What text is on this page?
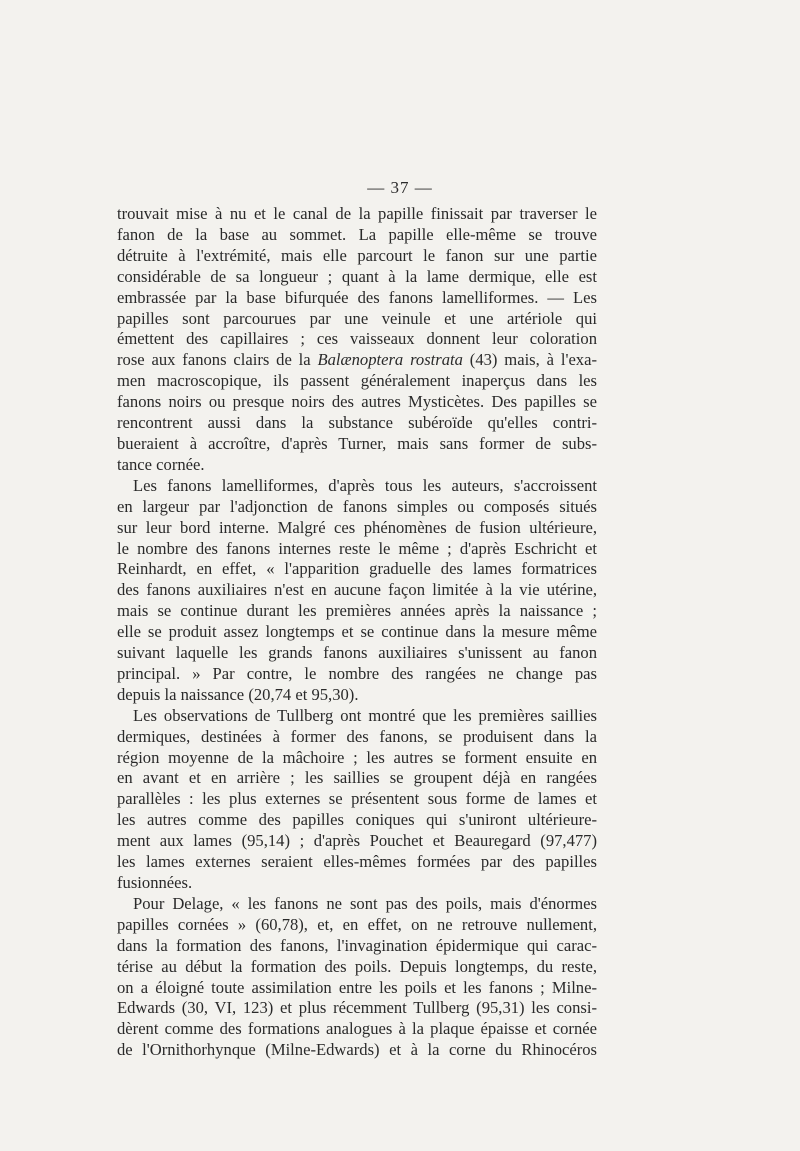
— 37 —
trouvait mise à nu et le canal de la papille finissait par traverser le
fanon de la base au sommet. La papille elle-même se trouve
détruite à l'extrémité, mais elle parcourt le fanon sur une partie
considérable de sa longueur ; quant à la lame dermique, elle est
embrassée par la base bifurquée des fanons lamelliformes. — Les
papilles sont parcourues par une veinule et une artériole qui
émettent des capillaires ; ces vaisseaux donnent leur coloration
rose aux fanons clairs de la Balænoptera rostrata (43) mais, à l'exa-
men macroscopique, ils passent généralement inaperçus dans les
fanons noirs ou presque noirs des autres Mysticètes. Des papilles se
rencontrent aussi dans la substance subéroïde qu'elles contri-
bueraient à accroître, d'après Turner, mais sans former de subs-
tance cornée.
Les fanons lamelliformes, d'après tous les auteurs, s'accroissent
en largeur par l'adjonction de fanons simples ou composés situés
sur leur bord interne. Malgré ces phénomènes de fusion ultérieure,
le nombre des fanons internes reste le même ; d'après Eschricht et
Reinhardt, en effet, « l'apparition graduelle des lames formatrices
des fanons auxiliaires n'est en aucune façon limitée à la vie utérine,
mais se continue durant les premières années après la naissance ;
elle se produit assez longtemps et se continue dans la mesure même
suivant laquelle les grands fanons auxiliaires s'unissent au fanon
principal. » Par contre, le nombre des rangées ne change pas
depuis la naissance (20,74 et 95,30).
Les observations de Tullberg ont montré que les premières saillies
dermiques, destinées à former des fanons, se produisent dans la
région moyenne de la mâchoire ; les autres se forment ensuite en
en avant et en arrière ; les saillies se groupent déjà en rangées
parallèles : les plus externes se présentent sous forme de lames et
les autres comme des papilles coniques qui s'uniront ultérieure-
ment aux lames (95,14) ; d'après Pouchet et Beauregard (97,477)
les lames externes seraient elles-mêmes formées par des papilles
fusionnées.
Pour Delage, « les fanons ne sont pas des poils, mais d'énormes
papilles cornées » (60,78), et, en effet, on ne retrouve nullement,
dans la formation des fanons, l'invagination épidermique qui carac-
térise au début la formation des poils. Depuis longtemps, du reste,
on a éloigné toute assimilation entre les poils et les fanons ; Milne-
Edwards (30, VI, 123) et plus récemment Tullberg (95,31) les consi-
dèrent comme des formations analogues à la plaque épaisse et cornée
de l'Ornithorhynque (Milne-Edwards) et à la corne du Rhinocéros
